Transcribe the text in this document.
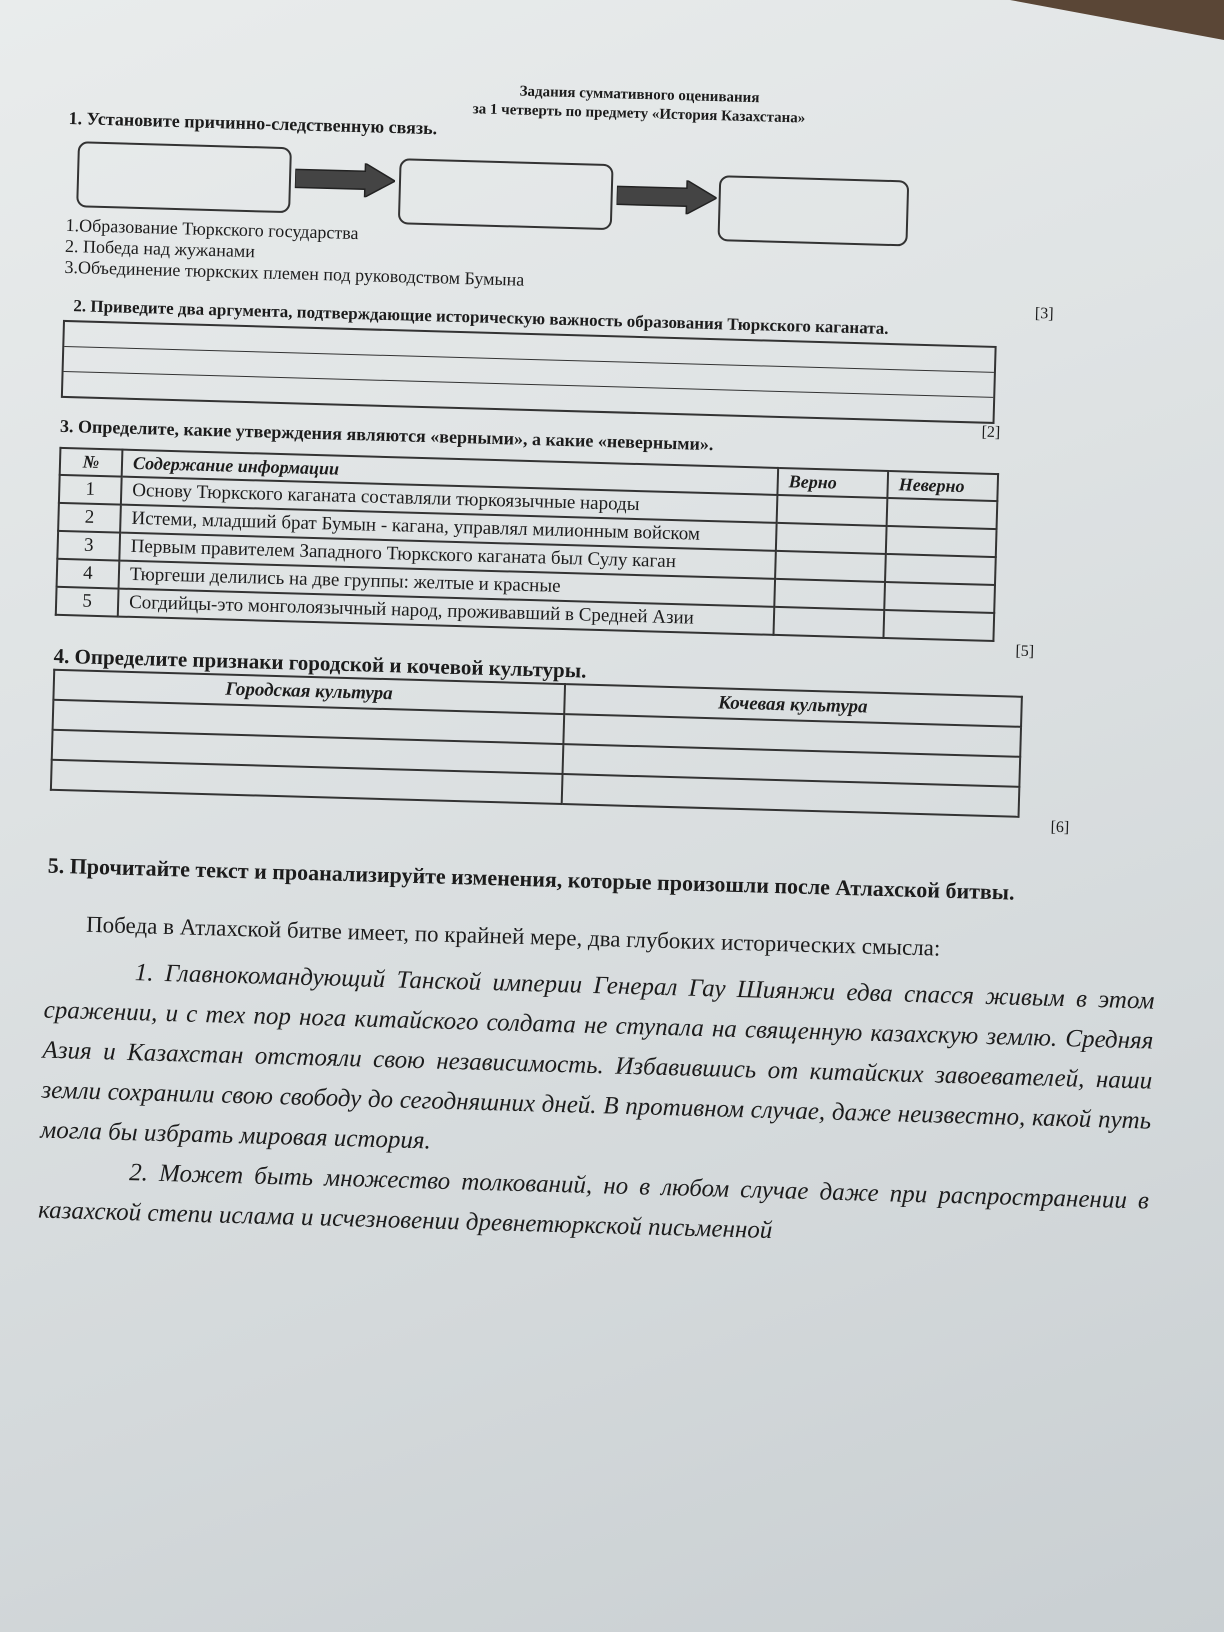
Задания суммативного оценивания
за 1 четверть по предмету «История Казахстана»

1. Установите причинно-следственную связь.

1.Образование Тюркского государства
2. Победа над жужанами
3.Объединение тюркских племен под руководством Бумына
[3]

2. Приведите два аргумента, подтверждающие историческую важность образования Тюркского каганата.

[2]

3. Определите, какие утверждения являются «верными», а какие «неверными».

№	Содержание информации	Верно	Неверно
1	Основу Тюркского каганата составляли тюркоязычные народы		
2	Истеми, младший брат Бумын - кагана, управлял милионным войском		
3	Первым правителем Западного Тюркского каганата был Сулу каган		
4	Тюргеши делились на две группы: желтые и красные		
5	Согдийцы-это монголоязычный народ, проживавший в Средней Азии		
[5]

4. Определите признаки городской и кочевой культуры.

Городская культура	Кочевая культура

[6]
5. Прочитайте текст и проанализируйте изменения, которые произошли после Атлахской битвы.
Победа в Атлахской битве имеет, по крайней мере, два глубоких исторических смысла:

1. Главнокомандующий Танской империи Генерал Гау Шиянжи едва спасся живым в этом сражении, и с тех пор нога китайского солдата не ступала на священную казахскую землю. Средняя Азия и Казахстан отстояли свою независимость. Избавившись от китайских завоевателей, наши земли сохранили свою свободу до сегодняшних дней. В противном случае, даже неизвестно, какой путь могла бы избрать мировая история.

2. Может быть множество толкований, но в любом случае даже при распространении в казахской степи ислама и исчезновении древнетюркской письменной
